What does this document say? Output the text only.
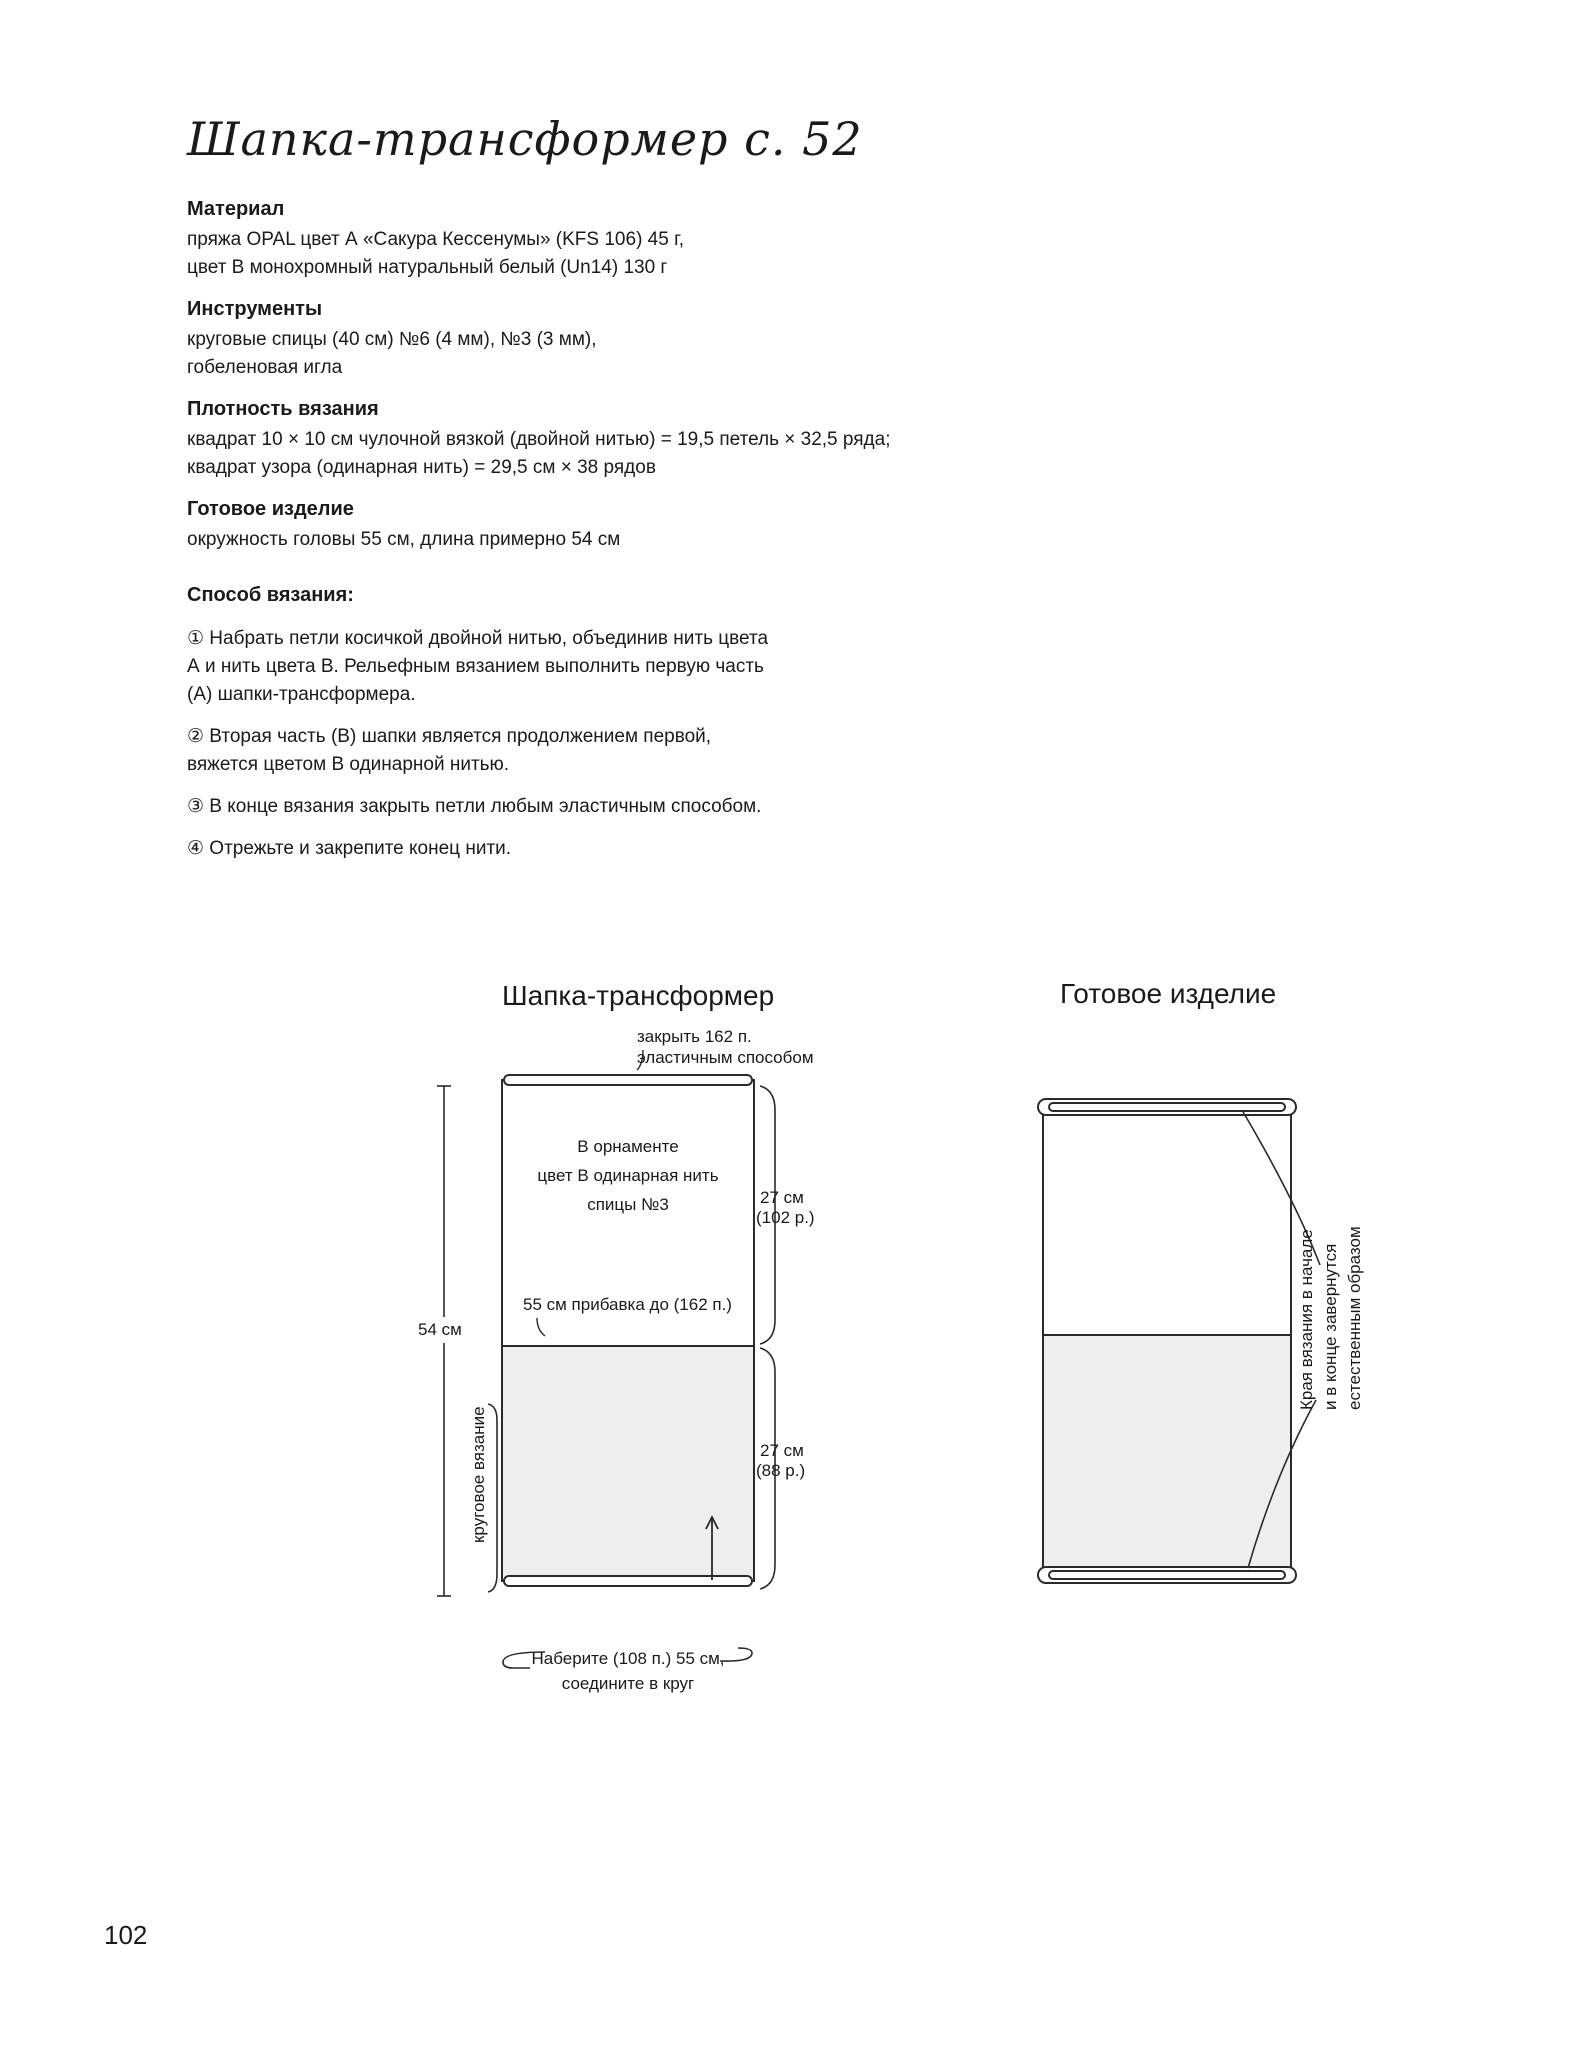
Шапка-трансформер с. 52
Материал

пряжа OPAL цвет А «Сакура Кессенумы» (KFS 106) 45 г,

цвет В монохромный натуральный белый (Un14) 130 г

Инструменты

круговые спицы (40 см) №6 (4 мм), №3 (3 мм),

гобеленовая игла

Плотность вязания

квадрат 10 × 10 см чулочной вязкой (двойной нитью) = 19,5 петель × 32,5 ряда;

квадрат узора (одинарная нить) = 29,5 см × 38 рядов

Готовое изделие

окружность головы 55 см, длина примерно 54 см

Способ вязания:

① Набрать петли косичкой двойной нитью, объединив нить цвета А и нить цвета В. Рельефным вязанием выполнить первую часть (А) шапки-трансформера.

② Вторая часть (В) шапки является продолжением первой, вяжется цветом В одинарной нитью.

③ В конце вязания закрыть петли любым эластичным способом.

④ Отрежьте и закрепите конец нити.

Шапка-трансформер
закрыть 162 п.
эластичным способом
В орнаменте
цвет В одинарная нить
спицы №3	27 см
(102 р.)
55 см прибавка до (162 п.)
54 см
круговое вязание	27 см
(88 р.)
Наберите (108 п.) 55 см,
соедините в круг
Готовое изделие
Края вязания в начале и в конце завернутся естественным образом
102
